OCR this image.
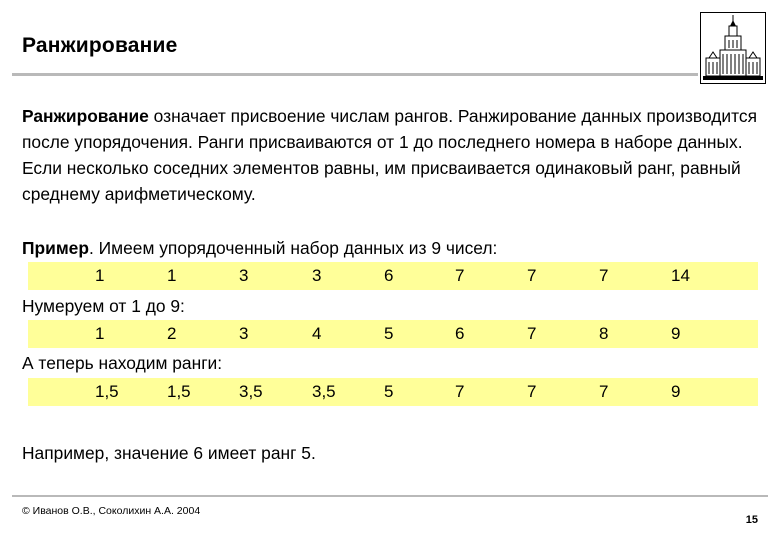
Ранжирование
Ранжирование означает присвоение числам рангов. Ранжирование данных производится после упорядочения. Ранги присваиваются от 1 до последнего номера в наборе данных. Если несколько соседних элементов равны, им присваивается одинаковый ранг, равный среднему арифметическому.
Пример. Имеем упорядоченный набор данных из 9 чисел:
1	1	3	3	6	7	7	7	14
Нумеруем от 1 до 9:
1	2	3	4	5	6	7	8	9
А теперь находим ранги:
1,5	1,5	3,5	3,5	5	7	7	7	9
Например, значение 6 имеет ранг 5.
© Иванов О.В., Соколихин А.А. 2004
15
